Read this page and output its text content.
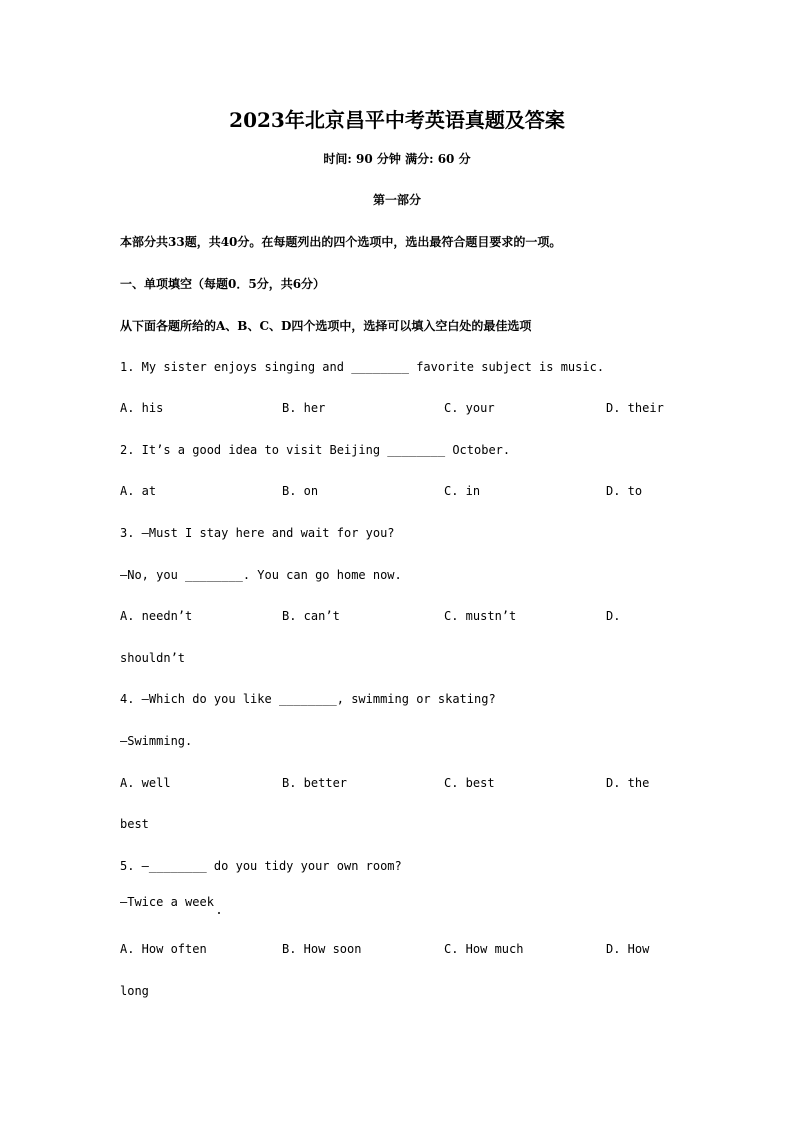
2023年北京昌平中考英语真题及答案
时间: 90 分钟 满分: 60 分
第一部分
本部分共33题，共40分。在每题列出的四个选项中，选出最符合题目要求的一项。
一、单项填空（每题0．5分，共6分）
从下面各题所给的A、B、C、D四个选项中，选择可以填入空白处的最佳选项
1. My sister enjoys singing and ________ favorite subject is music.
A. his	B. her	C. your	D. their
2. It’s a good idea to visit Beijing ________ October.
A. at	B. on	C. in	D. to
3. —Must I stay here and wait for you?
—No, you ________. You can go home now.
A. needn’t	B. can’t	C. mustn’t	D.
shouldn’t
4. —Which do you like ________, swimming or skating?
—Swimming.
A. well	B. better	C. best	D. the
best
5. —________ do you tidy your own room?
—Twice a week
A. How often	B. How soon	C. How much	D. How
long
